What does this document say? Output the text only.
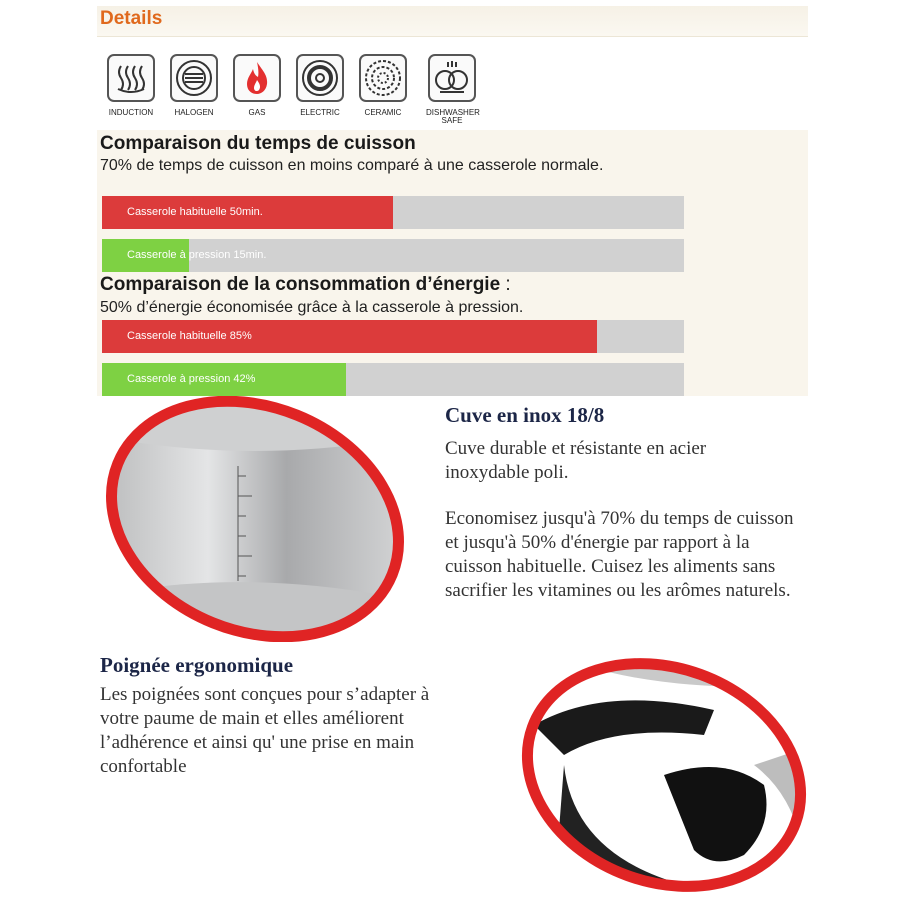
Details
INDUCTION	HALOGEN	GAS	ELECTRIC	CERAMIC	DISHWASHER SAFE
Comparaison du temps de cuisson
70% de temps de cuisson en moins comparé à une casserole normale.
Casserole habituelle 50min.
Casserole à pression 15min.
Comparaison de la consommation d’énergie :
50% d’énergie économisée grâce à la casserole à pression.
Casserole habituelle 85%
Casserole à pression 42%
Cuve en inox 18/8
Cuve durable et résistante en acier inoxydable poli.
Economisez jusqu'à 70% du temps de cuisson et jusqu'à 50% d'énergie par rapport à la cuisson habituelle. Cuisez les aliments sans sacrifier les vitamines ou les arômes naturels.
Poignée ergonomique
Les poignées sont conçues pour s’adapter à votre paume de main et elles améliorent l’adhérence et ainsi qu' une prise en main confortable
